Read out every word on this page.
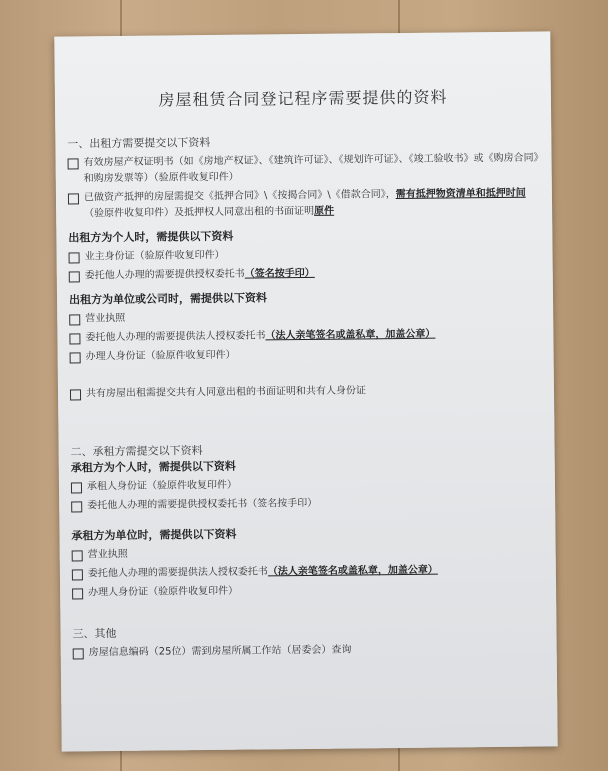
房屋租赁合同登记程序需要提供的资料
一、出租方需要提交以下资料
有效房屋产权证明书（如《房地产权证》、《建筑许可证》、《规划许可证》、《竣工验收书》或《购房合同》和购房发票等）（验原件收复印件）
已做资产抵押的房屋需提交《抵押合同》\《按揭合同》\《借款合同》，需有抵押物资清单和抵押时间（验原件收复印件）及抵押权人同意出租的书面证明原件
出租方为个人时，需提供以下资料
业主身份证（验原件收复印件）
委托他人办理的需要提供授权委托书（签名按手印）
出租方为单位或公司时，需提供以下资料
营业执照
委托他人办理的需要提供法人授权委托书（法人亲笔签名或盖私章，加盖公章）
办理人身份证（验原件收复印件）
共有房屋出租需提交共有人同意出租的书面证明和共有人身份证
二、承租方需提交以下资料
承租方为个人时，需提供以下资料
承租人身份证（验原件收复印件）
委托他人办理的需要提供授权委托书（签名按手印）
承租方为单位时，需提供以下资料
营业执照
委托他人办理的需要提供法人授权委托书（法人亲笔签名或盖私章，加盖公章）
办理人身份证（验原件收复印件）
三、其他
房屋信息编码（25位）需到房屋所属工作站（居委会）查询
